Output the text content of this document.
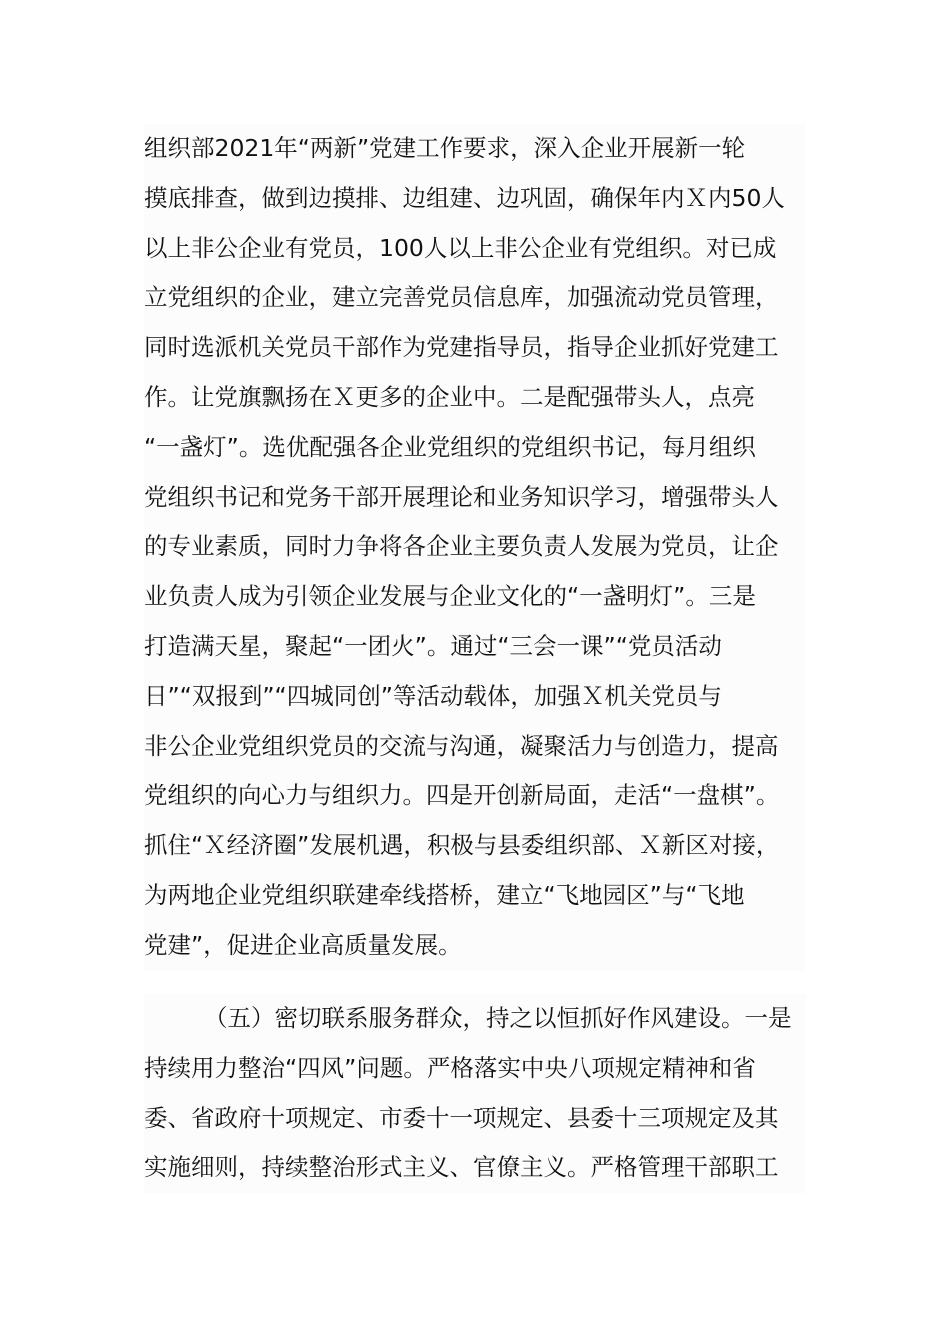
组织部2021年“两新”党建工作要求，深入企业开展新一轮
摸底排查，做到边摸排、边组建、边巩固，确保年内Ｘ内50人
以上非公企业有党员，100人以上非公企业有党组织。对已成
立党组织的企业，建立完善党员信息库，加强流动党员管理，
同时选派机关党员干部作为党建指导员，指导企业抓好党建工
作。让党旗飘扬在Ｘ更多的企业中。二是配强带头人，点亮
“一盏灯”。选优配强各企业党组织的党组织书记，每月组织
党组织书记和党务干部开展理论和业务知识学习，增强带头人
的专业素质，同时力争将各企业主要负责人发展为党员，让企
业负责人成为引领企业发展与企业文化的“一盏明灯”。三是
打造满天星，聚起“一团火”。通过“三会一课”“党员活动
日”“双报到”“四城同创”等活动载体，加强Ｘ机关党员与
非公企业党组织党员的交流与沟通，凝聚活力与创造力，提高
党组织的向心力与组织力。四是开创新局面，走活“一盘棋”。
抓住“Ｘ经济圈”发展机遇，积极与县委组织部、Ｘ新区对接，
为两地企业党组织联建牵线搭桥，建立“飞地园区”与“飞地
党建”，促进企业高质量发展。
（五）密切联系服务群众，持之以恒抓好作风建设。一是
持续用力整治“四风”问题。严格落实中央八项规定精神和省
委、省政府十项规定、市委十一项规定、县委十三项规定及其
实施细则，持续整治形式主义、官僚主义。严格管理干部职工
